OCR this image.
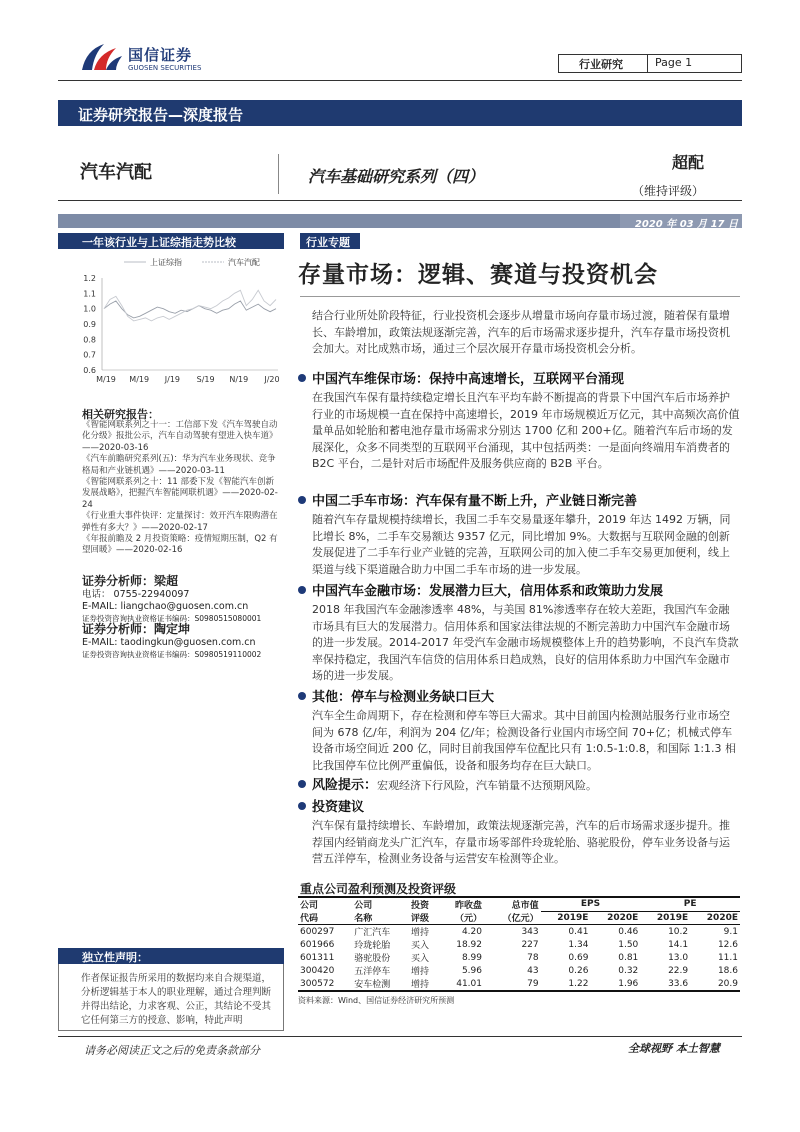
国信证券
GUOSEN SECURITIES	行业研究	Page 1
证券研究报告—深度报告
汽车汽配	汽车基础研究系列（四）
超配
（维持评级）
2020 年 03 月 17 日
一年该行业与上证综指走势比较
1.2
1.1
1.0
0.9
0.8
0.7
0.6
M/19 M/19 J/19 S/19 N/19 J/20
上证综指	汽车汽配
相关研究报告：
《智能网联系列之十一：工信部下发《汽车驾驶自动化分级》报批公示，汽车自动驾驶有望进入快车道》——2020-03-16
《汽车前瞻研究系列(五)：华为汽车业务现状、竞争格局和产业链机遇》——2020-03-11
《智能网联系列之十：11 部委下发《智能汽车创新发展战略》，把握汽车智能网联机遇》——2020-02-24
《行业重大事件快评：定量探讨：效开汽车限购潜在弹性有多大？》——2020-02-17
《年报前瞻及 2 月投资策略：疫情短期压制，Q2 有望回暖》——2020-02-16
证券分析师：梁超
电话： 0755-22940097
E-MAIL: liangchao@guosen.com.cn
证券投资咨询执业资格证书编码：S0980515080001
证券分析师：陶定坤
E-MAIL: taodingkun@guosen.com.cn
证券投资咨询执业资格证书编码：S0980519110002
独立性声明：
作者保证报告所采用的数据均来自合规渠道，分析逻辑基于本人的职业理解，通过合理判断并得出结论，力求客观、公正，其结论不受其它任何第三方的授意、影响，特此声明
行业专题
存量市场：逻辑、赛道与投资机会
结合行业所处阶段特征，行业投资机会逐步从增量市场向存量市场过渡，随着保有量增长、车龄增加，政策法规逐渐完善，汽车的后市场需求逐步提升，汽车存量市场投资机会加大。对比成熟市场，通过三个层次展开存量市场投资机会分析。
中国汽车维保市场：保持中高速增长，互联网平台涌现
在我国汽车保有量持续稳定增长且汽车平均车龄不断提高的背景下中国汽车后市场养护行业的市场规模一直在保持中高速增长，2019 年市场规模近万亿元，其中高频次高价值量单品如轮胎和蓄电池存量市场需求分别达 1700 亿和 200+亿。随着汽车后市场的发展深化，众多不同类型的互联网平台涌现，其中包括两类：一是面向终端用车消费者的 B2C 平台，二是针对后市场配件及服务供应商的 B2B 平台。
中国二手车市场：汽车保有量不断上升，产业链日渐完善
随着汽车存量规模持续增长，我国二手车交易量逐年攀升，2019 年达 1492 万辆，同比增长 8%，二手车交易额达 9357 亿元，同比增加 9%。大数据与互联网金融的创新发展促进了二手车行业产业链的完善，互联网公司的加入使二手车交易更加便利，线上渠道与线下渠道融合助力中国二手车市场的进一步发展。
中国汽车金融市场：发展潜力巨大，信用体系和政策助力发展
2018 年我国汽车金融渗透率 48%，与美国 81%渗透率存在较大差距，我国汽车金融市场具有巨大的发展潜力。信用体系和国家法律法规的不断完善助力中国汽车金融市场的进一步发展。2014-2017 年受汽车金融市场规模整体上升的趋势影响，不良汽车贷款率保持稳定，我国汽车信贷的信用体系日趋成熟，良好的信用体系助力中国汽车金融市场的进一步发展。
其他：停车与检测业务缺口巨大
汽车全生命周期下，存在检测和停车等巨大需求。其中目前国内检测站服务行业市场空间为 678 亿/年，利润为 204 亿/年；检测设备行业国内市场空间 70+亿；机械式停车设备市场空间近 200 亿，同时目前我国停车位配比只有 1:0.5-1:0.8，和国际 1:1.3 相比我国停车位比例严重偏低，设备和服务均存在巨大缺口。
风险提示：宏观经济下行风险，汽车销量不达预期风险。
投资建议
汽车保有量持续增长、车龄增加，政策法规逐渐完善，汽车的后市场需求逐步提升。推荐国内经销商龙头广汇汽车，存量市场零部件玲珑轮胎、骆驼股份，停车业务设备与运营五洋停车，检测业务设备与运营安车检测等企业。
重点公司盈利预测及投资评级
公司	公司	投资	昨收盘	总市值	EPS		PE	
代码	名称	评级	（元）	（亿元）	2019E	2020E	2019E	2020E
600297	广汇汽车	增持	4.20	343	0.41	0.46	10.2	9.1
601966	玲珑轮胎	买入	18.92	227	1.34	1.50	14.1	12.6
601311	骆驼股份	买入	8.99	78	0.69	0.81	13.0	11.1
300420	五洋停车	增持	5.96	43	0.26	0.32	22.9	18.6
300572	安车检测	增持	41.01	79	1.22	1.96	33.6	20.9
资料来源：Wind、国信证券经济研究所预测
请务必阅读正文之后的免责条款部分	全球视野 本土智慧
